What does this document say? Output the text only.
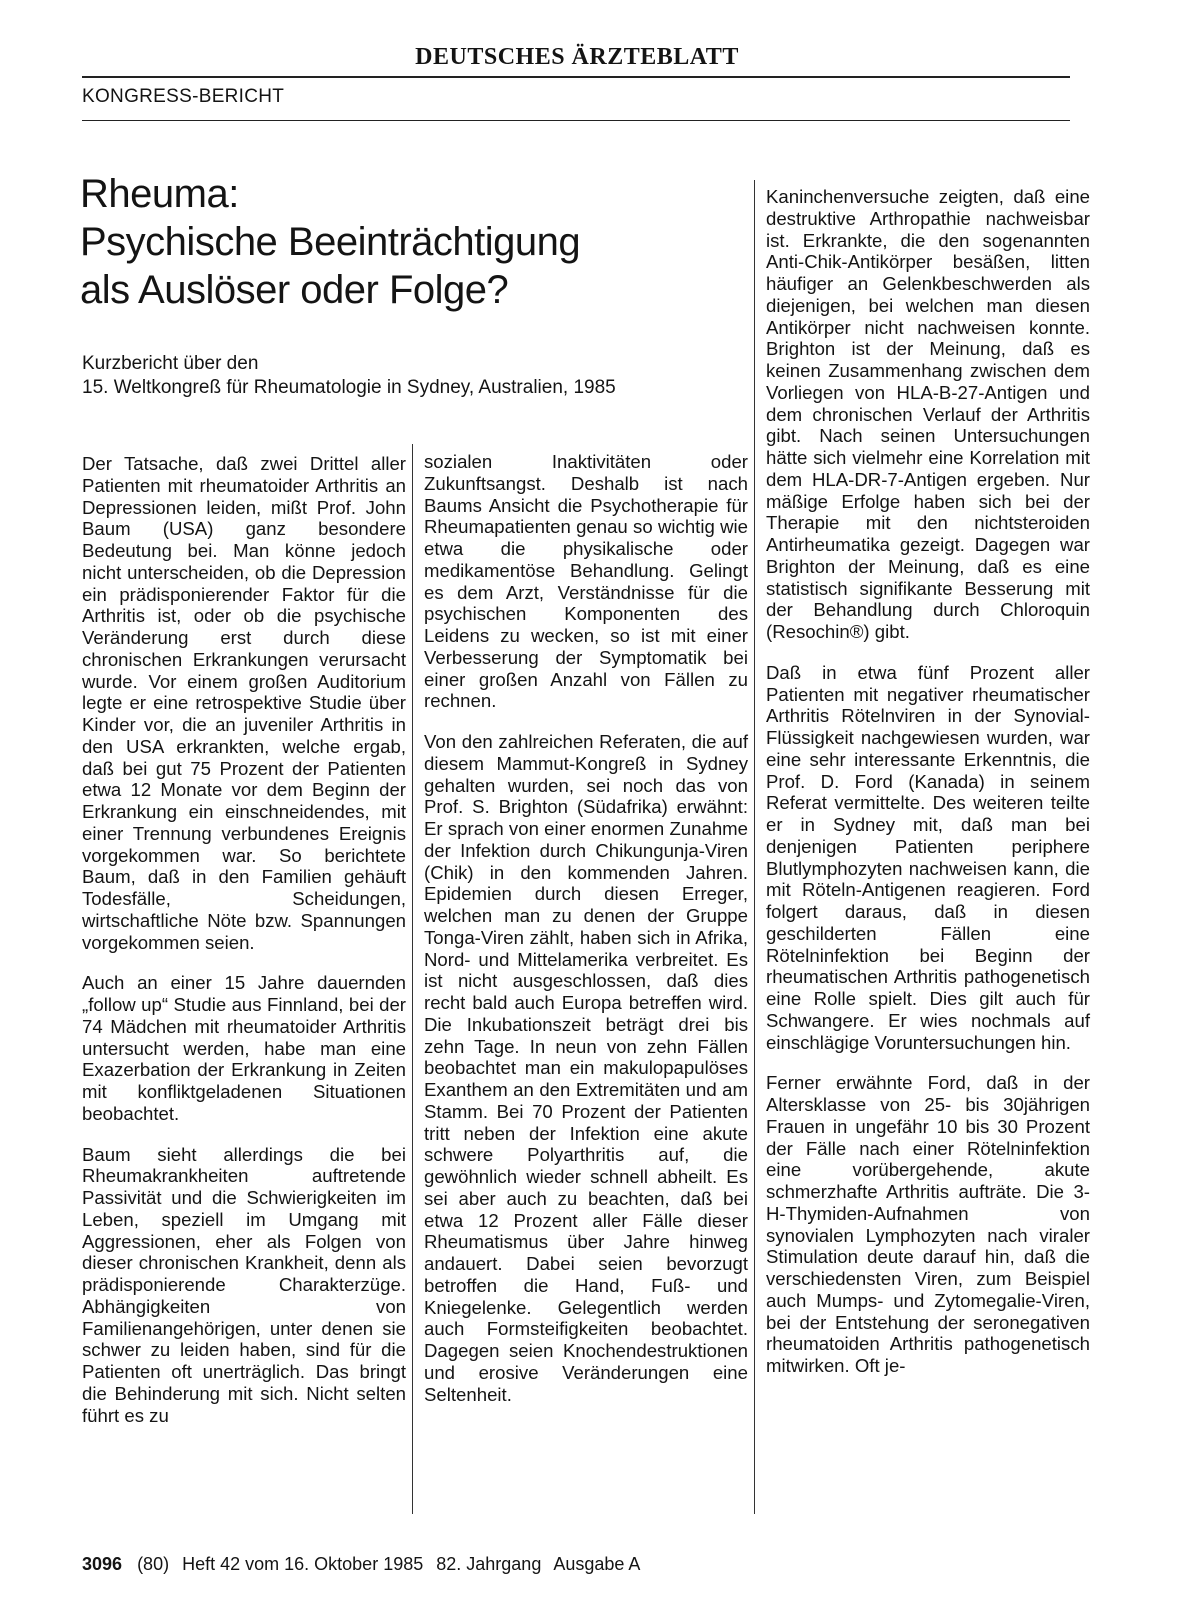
DEUTSCHES ÄRZTEBLATT
KONGRESS-BERICHT
Rheuma:
Psychische Beeinträchtigung
als Auslöser oder Folge?
Kurzbericht über den
15. Weltkongreß für Rheumatologie in Sydney, Australien, 1985

Der Tatsache, daß zwei Drittel aller Patienten mit rheumatoider Arthritis an Depressionen leiden, mißt Prof. John Baum (USA) ganz besondere Bedeutung bei. Man könne jedoch nicht unterscheiden, ob die Depression ein prädisponierender Faktor für die Arthritis ist, oder ob die psychische Veränderung erst durch diese chronischen Erkrankungen verursacht wurde. Vor einem großen Auditorium legte er eine retrospektive Studie über Kinder vor, die an juveniler Arthritis in den USA erkrankten, welche ergab, daß bei gut 75 Prozent der Patienten etwa 12 Monate vor dem Beginn der Erkrankung ein einschneidendes, mit einer Trennung verbundenes Ereignis vorgekommen war. So berichtete Baum, daß in den Familien gehäuft Todesfälle, Scheidungen, wirtschaftliche Nöte bzw. Spannungen vorgekommen seien.

Auch an einer 15 Jahre dauernden „follow up“ Studie aus Finnland, bei der 74 Mädchen mit rheumatoider Arthritis untersucht werden, habe man eine Exazerbation der Erkrankung in Zeiten mit konfliktgeladenen Situationen beobachtet.

Baum sieht allerdings die bei Rheumakrankheiten auftretende Passivität und die Schwierigkeiten im Leben, speziell im Umgang mit Aggressionen, eher als Folgen von dieser chronischen Krankheit, denn als prädisponierende Charakterzüge. Abhängigkeiten von Familienangehörigen, unter denen sie schwer zu leiden haben, sind für die Patienten oft unerträglich. Das bringt die Behinderung mit sich. Nicht selten führt es zu

sozialen Inaktivitäten oder Zukunftsangst. Deshalb ist nach Baums Ansicht die Psychotherapie für Rheumapatienten genau so wichtig wie etwa die physikalische oder medikamentöse Behandlung. Gelingt es dem Arzt, Verständnisse für die psychischen Komponenten des Leidens zu wecken, so ist mit einer Verbesserung der Symptomatik bei einer großen Anzahl von Fällen zu rechnen.

Von den zahlreichen Referaten, die auf diesem Mammut-Kongreß in Sydney gehalten wurden, sei noch das von Prof. S. Brighton (Südafrika) erwähnt: Er sprach von einer enormen Zunahme der Infektion durch Chikungunja-Viren (Chik) in den kommenden Jahren. Epidemien durch diesen Erreger, welchen man zu denen der Gruppe Tonga-Viren zählt, haben sich in Afrika, Nord- und Mittelamerika verbreitet. Es ist nicht ausgeschlossen, daß dies recht bald auch Europa betreffen wird. Die Inkubationszeit beträgt drei bis zehn Tage. In neun von zehn Fällen beobachtet man ein makulopapulöses Exanthem an den Extremitäten und am Stamm. Bei 70 Prozent der Patienten tritt neben der Infektion eine akute schwere Polyarthritis auf, die gewöhnlich wieder schnell abheilt. Es sei aber auch zu beachten, daß bei etwa 12 Prozent aller Fälle dieser Rheumatismus über Jahre hinweg andauert. Dabei seien bevorzugt betroffen die Hand, Fuß- und Kniegelenke. Gelegentlich werden auch Formsteifigkeiten beobachtet. Dagegen seien Knochendestruktionen und erosive Veränderungen eine Seltenheit.

Kaninchenversuche zeigten, daß eine destruktive Arthropathie nachweisbar ist. Erkrankte, die den sogenannten Anti-Chik-Antikörper besäßen, litten häufiger an Gelenkbeschwerden als diejenigen, bei welchen man diesen Antikörper nicht nachweisen konnte. Brighton ist der Meinung, daß es keinen Zusammenhang zwischen dem Vorliegen von HLA-B-27-Antigen und dem chronischen Verlauf der Arthritis gibt. Nach seinen Untersuchungen hätte sich vielmehr eine Korrelation mit dem HLA-DR-7-Antigen ergeben. Nur mäßige Erfolge haben sich bei der Therapie mit den nichtsteroiden Antirheumatika gezeigt. Dagegen war Brighton der Meinung, daß es eine statistisch signifikante Besserung mit der Behandlung durch Chloroquin (Resochin®) gibt.

Daß in etwa fünf Prozent aller Patienten mit negativer rheumatischer Arthritis Rötelnviren in der Synovial-Flüssigkeit nachgewiesen wurden, war eine sehr interessante Erkenntnis, die Prof. D. Ford (Kanada) in seinem Referat vermittelte. Des weiteren teilte er in Sydney mit, daß man bei denjenigen Patienten periphere Blutlymphozyten nachweisen kann, die mit Röteln-Antigenen reagieren. Ford folgert daraus, daß in diesen geschilderten Fällen eine Rötelninfektion bei Beginn der rheumatischen Arthritis pathogenetisch eine Rolle spielt. Dies gilt auch für Schwangere. Er wies nochmals auf einschlägige Voruntersuchungen hin.

Ferner erwähnte Ford, daß in der Altersklasse von 25- bis 30jährigen Frauen in ungefähr 10 bis 30 Prozent der Fälle nach einer Rötelninfektion eine vorübergehende, akute schmerzhafte Arthritis aufträte. Die 3-H-Thymiden-Aufnahmen von synovialen Lymphozyten nach viraler Stimulation deute darauf hin, daß die verschiedensten Viren, zum Beispiel auch Mumps- und Zytomegalie-Viren, bei der Entstehung der seronegativen rheumatoiden Arthritis pathogenetisch mitwirken. Oft je-

3096 (80) Heft 42 vom 16. Oktober 1985 82. Jahrgang Ausgabe A
